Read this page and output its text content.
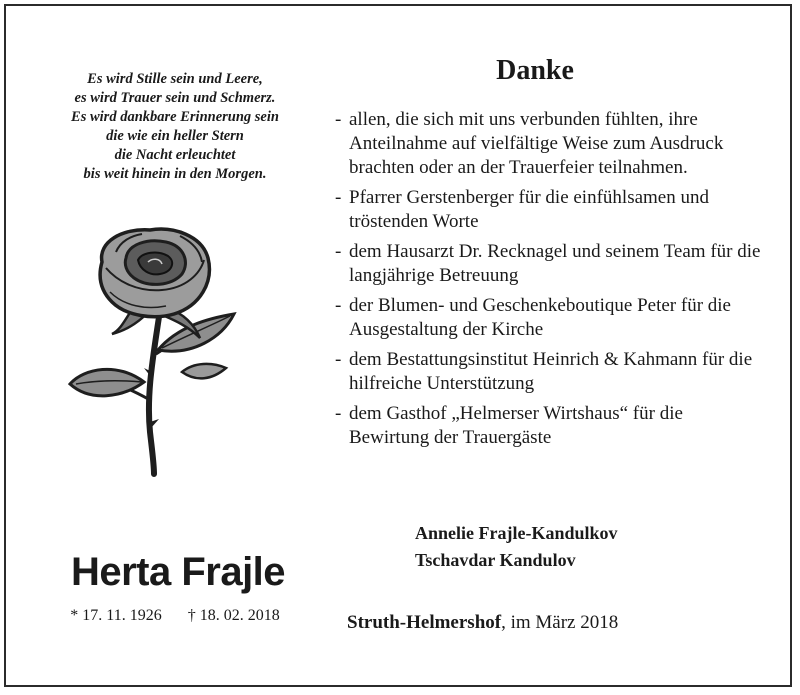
Es wird Stille sein und Leere,
es wird Trauer sein und Schmerz.
Es wird dankbare Erinnerung sein
die wie ein heller Stern
die Nacht erleuchtet
bis weit hinein in den Morgen.
Herta Frajle
* 17. 11. 1926 † 18. 02. 2018
Danke
- allen, die sich mit uns verbunden fühlten, ihre Anteilnahme auf vielfältige Weise zum Ausdruck brachten oder an der Trauerfeier teilnahmen.
- Pfarrer Gerstenberger für die einfühlsamen und tröstenden Worte
- dem Hausarzt Dr. Recknagel und seinem Team für die langjährige Betreuung
- der Blumen- und Geschenkeboutique Peter für die Ausgestaltung der Kirche
- dem Bestattungsinstitut Heinrich & Kahmann für die hilfreiche Unterstützung
- dem Gasthof „Helmerser Wirtshaus“ für die Bewirtung der Trauergäste
Annelie Frajle-Kandulkov
Tschavdar Kandulov
Struth-Helmershof, im März 2018
